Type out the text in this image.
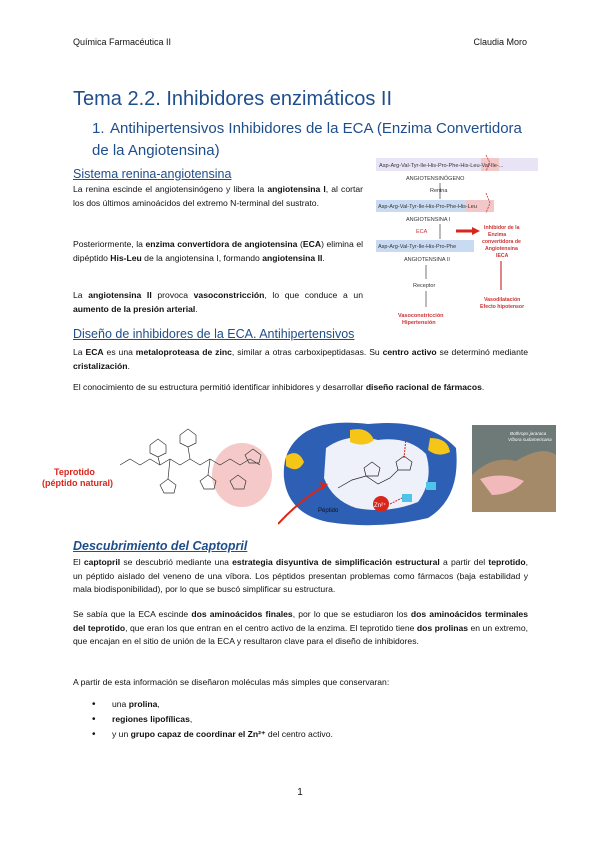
Química Farmacéutica II	Claudia Moro
Tema 2.2. Inhibidores enzimáticos II
1. Antihipertensivos Inhibidores de la ECA (Enzima Convertidora de la Angiotensina)
Sistema renina-angiotensina
La renina escinde el angiotensinógeno y libera la angiotensina I, al cortar los dos últimos aminoácidos del extremo N-terminal del sustrato.
Posteriormente, la enzima convertidora de angiotensina (ECA) elimina el dipéptido His-Leu de la angiotensina I, formando angiotensina II.
La angiotensina II provoca vasoconstricción, lo que conduce a un aumento de la presión arterial.
Asp-Arg-Val-Tyr-Ile-His-Pro-Phe-His-Leu-Val-Ile-...
ANGIOTENSINÓGENO
Renina
Asp-Arg-Val-Tyr-Ile-His-Pro-Phe-His-Leu
ANGIOTENSINA I
ECA
Inhibidor de la Enzima convertidora de Angiotensina IECA
Asp-Arg-Val-Tyr-Ile-His-Pro-Phe
ANGIOTENSINA II
Receptor
Vasoconstricción Hipertensión
Vasodilatación Efecto hipotensor
Diseño de inhibidores de la ECA. Antihipertensivos
La ECA es una metaloproteasa de zinc, similar a otras carboxipeptidasas. Su centro activo se determinó mediante cristalización.
El conocimiento de su estructura permitió identificar inhibidores y desarrollar diseño racional de fármacos.
Teprotido (péptido natural)
Zn²⁺
Péptido
Bothrops jararaca Víbora sudamericana
Descubrimiento del Captopril
El captopril se descubrió mediante una estrategia disyuntiva de simplificación estructural a partir del teprotido, un péptido aislado del veneno de una víbora. Los péptidos presentan problemas como fármacos (baja estabilidad y mala biodisponibilidad), por lo que se buscó simplificar su estructura.
Se sabía que la ECA escinde dos aminoácidos finales, por lo que se estudiaron los dos aminoácidos terminales del teprotido, que eran los que entran en el centro activo de la enzima. El teprotido tiene dos prolinas en un extremo, que encajan en el sitio de unión de la ECA y resultaron clave para el diseño de inhibidores.
A partir de esta información se diseñaron moléculas más simples que conservaran:
• una prolina,
• regiones lipofílicas,
• y un grupo capaz de coordinar el Zn²⁺ del centro activo.
1
